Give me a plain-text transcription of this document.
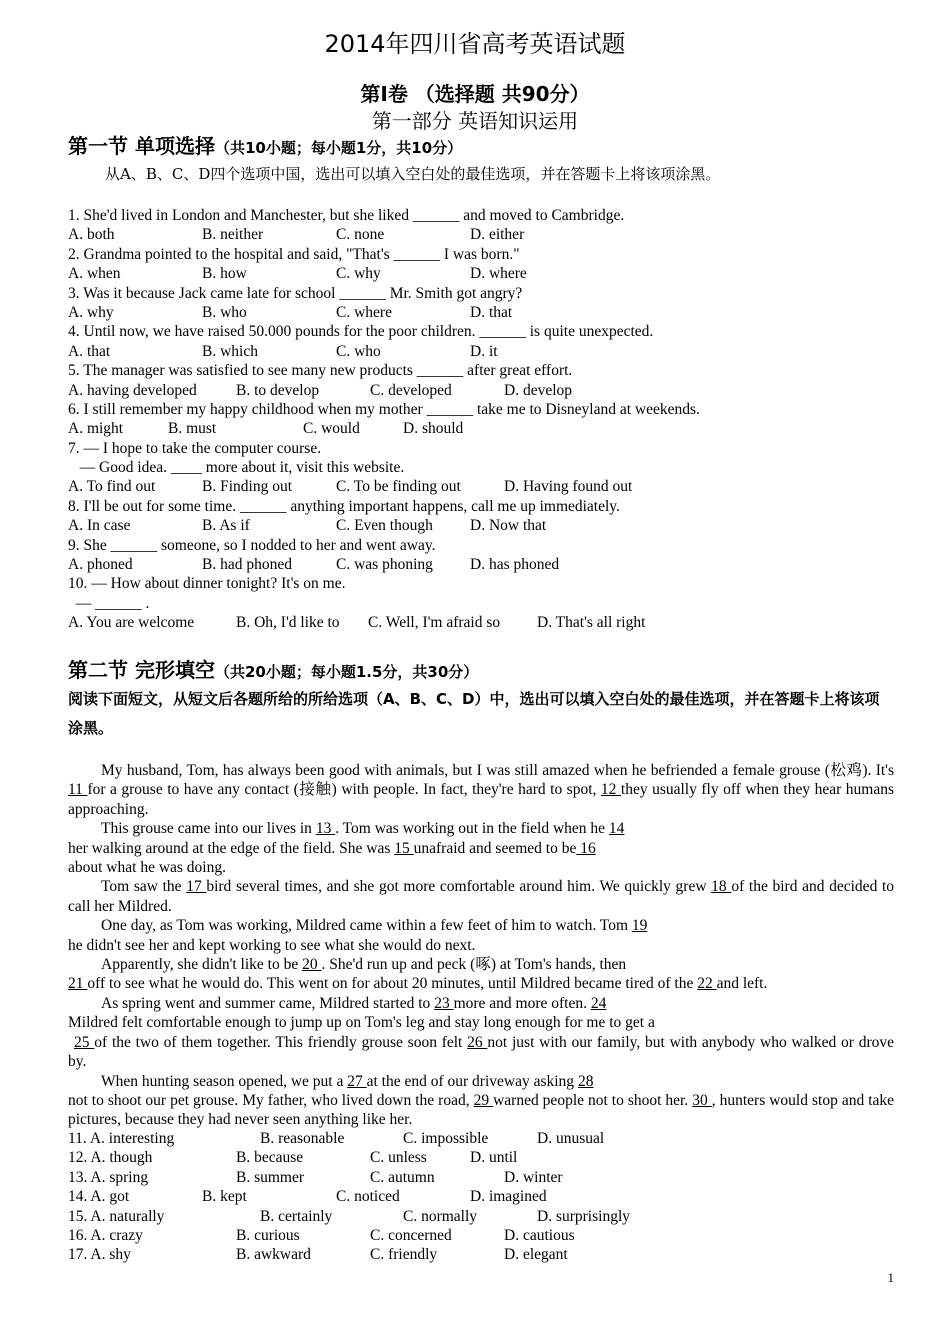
2014年四川省高考英语试题
第Ⅰ卷 （选择题 共90分）
第一部分 英语知识运用
第一节 单项选择（共10小题；每小题1分，共10分）
从A、B、C、D四个选项中国，选出可以填入空白处的最佳选项，并在答题卡上将该项涂黑。
1. She'd lived in London and Manchester, but she liked ______ and moved to Cambridge.
A. both	B. neither	C. none	D. either
2. Grandma pointed to the hospital and said, "That's ______ I was born."
A. when	B. how	C. why	D. where
3. Was it because Jack came late for school ______ Mr. Smith got angry?
A. why	B. who	C. where	D. that
4. Until now, we have raised 50.000 pounds for the poor children. ______ is quite unexpected.
A. that	B. which	C. who	D. it
5. The manager was satisfied to see many new products ______ after great effort.
A. having developed	B. to develop	C. developed	D. develop
6. I still remember my happy childhood when my mother ______ take me to Disneyland at weekends.
A. might	B. must	C. would	D. should
7. — I hope to take the computer course.
— Good idea. ____ more about it, visit this website.
A. To find out	B. Finding out	C. To be finding out	D. Having found out
8. I'll be out for some time. ______ anything important happens, call me up immediately.
A. In case	B. As if	C. Even though D. Now that
9. She ______ someone, so I nodded to her and went away.
A. phoned	B. had phoned	C. was phoning D. has phoned
10. — How about dinner tonight? It's on me.
— ______ .
A. You are welcome	B. Oh, I'd like to C. Well, I'm afraid so D. That's all right
第二节 完形填空（共20小题；每小题1.5分，共30分）
阅读下面短文，从短文后各题所给的所给选项（A、B、C、D）中，选出可以填入空白处的最佳选项，并在答题卡上将该项涂黑。

My husband, Tom, has always been good with animals, but I was still amazed when he befriended a female grouse (松鸡). It's 11 for a grouse to have any contact (接触) with people. In fact, they're hard to spot, 12 they usually fly off when they hear humans approaching.

This grouse came into our lives in 13 . Tom was working out in the field when he 14

her walking around at the edge of the field. She was 15 unafraid and seemed to be 16

about what he was doing.

Tom saw the 17 bird several times, and she got more comfortable around him. We quickly grew 18 of the bird and decided to call her Mildred.

One day, as Tom was working, Mildred came within a few feet of him to watch. Tom 19

he didn't see her and kept working to see what she would do next.

Apparently, she didn't like to be 20 . She'd run up and peck (啄) at Tom's hands, then

21 off to see what he would do. This went on for about 20 minutes, until Mildred became tired of the 22 and left.

As spring went and summer came, Mildred started to 23 more and more often. 24

Mildred felt comfortable enough to jump up on Tom's leg and stay long enough for me to get a

25 of the two of them together. This friendly grouse soon felt 26 not just with our family, but with anybody who walked or drove by.

When hunting season opened, we put a 27 at the end of our driveway asking 28

not to shoot our pet grouse. My father, who lived down the road, 29 warned people not to shoot her. 30 , hunters would stop and take pictures, because they had never seen anything like her.

11. A. interesting	B. reasonable	C. impossible	D. unusual
12. A. though	B. because	C. unless	D. until
13. A. spring	B. summer	C. autumn	D. winter
14. A. got	B. kept	C. noticed	D. imagined
15. A. naturally	B. certainly	C. normally	D. surprisingly
16. A. crazy	B. curious	C. concerned	D. cautious
17. A. shy	B. awkward	C. friendly	D. elegant
1
